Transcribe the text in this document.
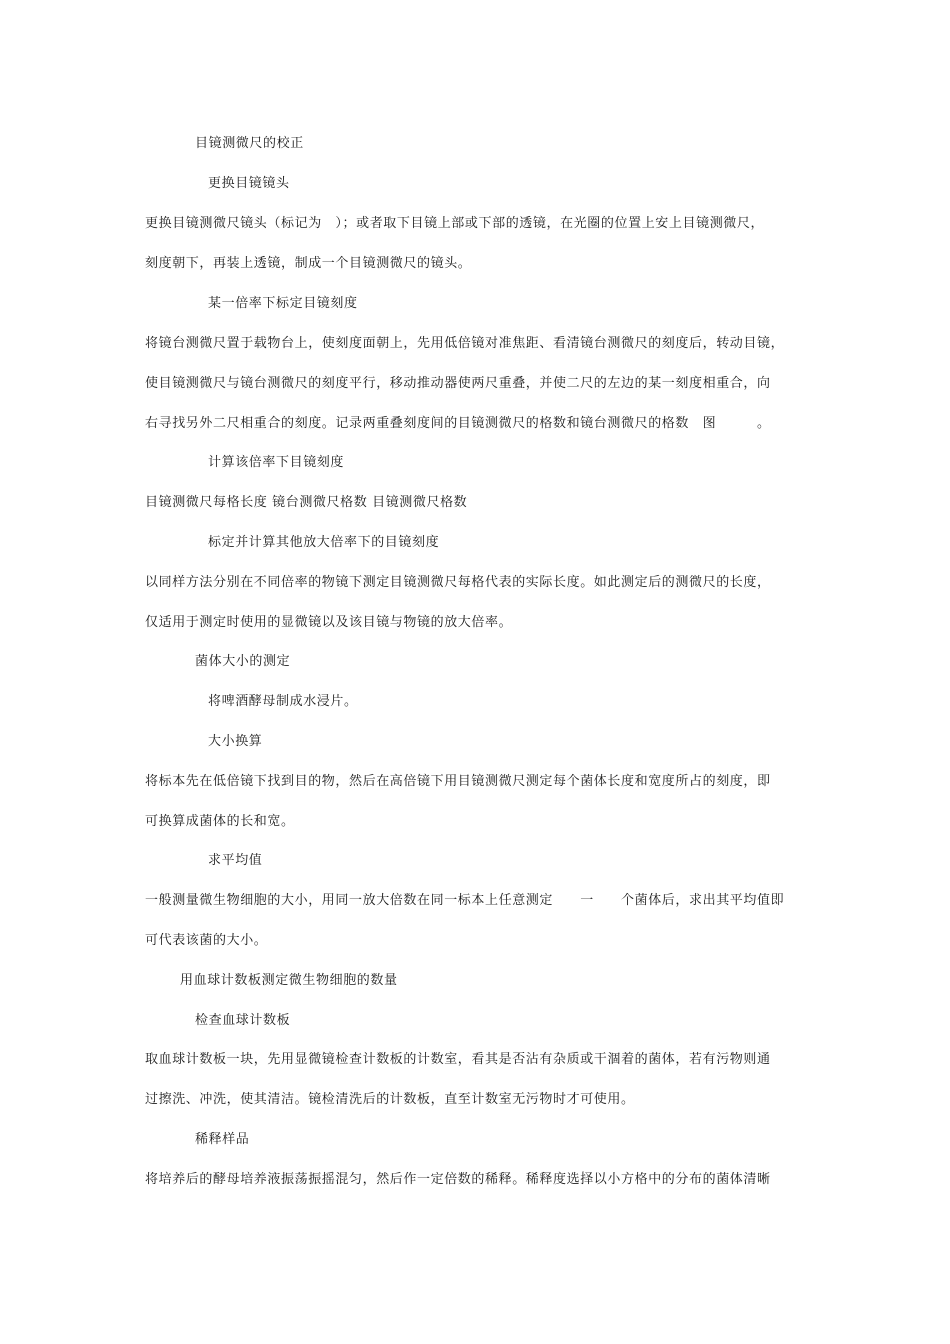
目镜测微尺的校正
更换目镜镜头
更换目镜测微尺镜头（标记为　）；或者取下目镜上部或下部的透镜，在光圈的位置上安上目镜测微尺，
刻度朝下，再装上透镜，制成一个目镜测微尺的镜头。
某一倍率下标定目镜刻度
将镜台测微尺置于载物台上，使刻度面朝上，先用低倍镜对准焦距、看清镜台测微尺的刻度后，转动目镜，
使目镜测微尺与镜台测微尺的刻度平行，移动推动器使两尺重叠，并使二尺的左边的某一刻度相重合，向
右寻找另外二尺相重合的刻度。记录两重叠刻度间的目镜测微尺的格数和镜台测微尺的格数　图　　　。
计算该倍率下目镜刻度
目镜测微尺每格长度 镜台测微尺格数 目镜测微尺格数
标定并计算其他放大倍率下的目镜刻度
以同样方法分别在不同倍率的物镜下测定目镜测微尺每格代表的实际长度。如此测定后的测微尺的长度，
仅适用于测定时使用的显微镜以及该目镜与物镜的放大倍率。
菌体大小的测定
将啤酒酵母制成水浸片。
大小换算
将标本先在低倍镜下找到目的物，然后在高倍镜下用目镜测微尺测定每个菌体长度和宽度所占的刻度，即
可换算成菌体的长和宽。
求平均值
一般测量微生物细胞的大小，用同一放大倍数在同一标本上任意测定　　一　　个菌体后，求出其平均值即
可代表该菌的大小。
用血球计数板测定微生物细胞的数量
检查血球计数板
取血球计数板一块，先用显微镜检查计数板的计数室，看其是否沾有杂质或干涸着的菌体，若有污物则通
过擦洗、冲洗，使其清洁。镜检清洗后的计数板，直至计数室无污物时才可使用。
稀释样品
将培养后的酵母培养液振荡振摇混匀，然后作一定倍数的稀释。稀释度选择以小方格中的分布的菌体清晰
